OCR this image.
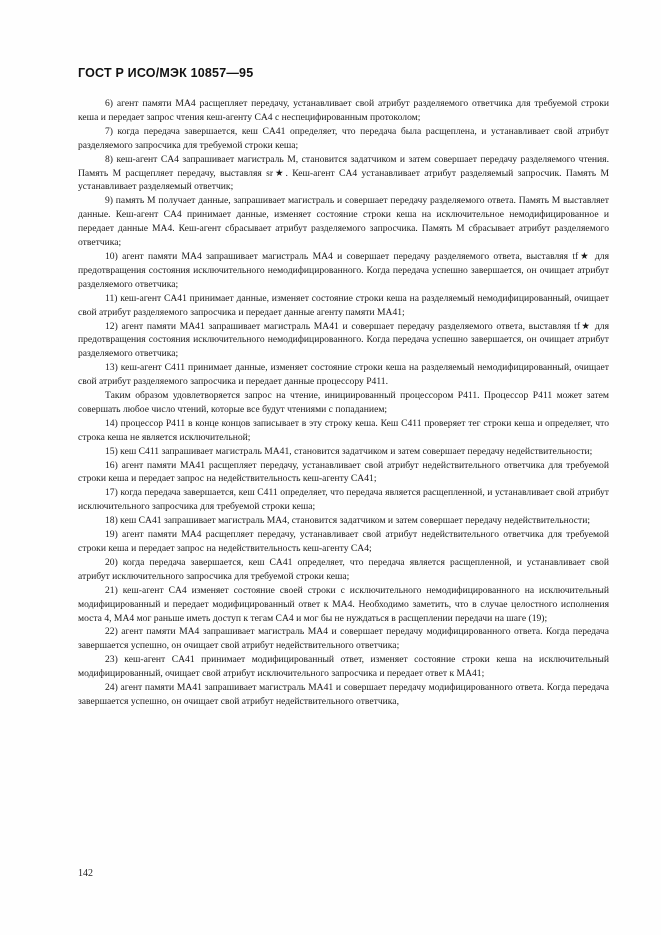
ГОСТ Р ИСО/МЭК 10857—95

6) агент памяти MA4 расщепляет передачу, устанавливает свой атрибут разделяемого ответчика для требуемой строки кеша и передает запрос чтения кеш-агенту CA4 с неспецифированным протоколом;

7) когда передача завершается, кеш CA41 определяет, что передача была расщеплена, и устанавливает свой атрибут разделяемого запросчика для требуемой строки кеша;

8) кеш-агент CA4 запрашивает магистраль M, становится задатчиком и затем совершает передачу разделяемого чтения. Память M расщепляет передачу, выставляя sr★. Кеш-агент CA4 устанавливает атрибут разделяемый запросчик. Память M устанавливает разделяемый ответчик;

9) память M получает данные, запрашивает магистраль и совершает передачу разделяемого ответа. Память M выставляет данные. Кеш-агент CA4 принимает данные, изменяет состояние строки кеша на исключительное немодифицированное и передает данные MA4. Кеш-агент сбрасывает атрибут разделяемого запросчика. Память M сбрасывает атрибут разделяемого ответчика;

10) агент памяти MA4 запрашивает магистраль MA4 и совершает передачу разделяемого ответа, выставляя tf★ для предотвращения состояния исключительного немодифицированного. Когда передача успешно завершается, он очищает атрибут разделяемого ответчика;

11) кеш-агент CA41 принимает данные, изменяет состояние строки кеша на разделяемый немодифицированный, очищает свой атрибут разделяемого запросчика и передает данные агенту памяти MA41;

12) агент памяти MA41 запрашивает магистраль MA41 и совершает передачу разделяемого ответа, выставляя tf★ для предотвращения состояния исключительного немодифицированного. Когда передача успешно завершается, он очищает атрибут разделяемого ответчика;

13) кеш-агент C411 принимает данные, изменяет состояние строки кеша на разделяемый немодифицированный, очищает свой атрибут разделяемого запросчика и передает данные процессору P411.

Таким образом удовлетворяется запрос на чтение, инициированный процессором P411. Процессор P411 может затем совершать любое число чтений, которые все будут чтениями с попаданием;

14) процессор P411 в конце концов записывает в эту строку кеша. Кеш C411 проверяет тег строки кеша и определяет, что строка кеша не является исключительной;

15) кеш C411 запрашивает магистраль MA41, становится задатчиком и затем совершает передачу недействительности;

16) агент памяти MA41 расщепляет передачу, устанавливает свой атрибут недействительного ответчика для требуемой строки кеша и передает запрос на недействительность кеш-агенту CA41;

17) когда передача завершается, кеш C411 определяет, что передача является расщепленной, и устанавливает свой атрибут исключительного запросчика для требуемой строки кеша;

18) кеш CA41 запрашивает магистраль MA4, становится задатчиком и затем совершает передачу недействительности;

19) агент памяти MA4 расщепляет передачу, устанавливает свой атрибут недействительного ответчика для требуемой строки кеша и передает запрос на недействительность кеш-агенту CA4;

20) когда передача завершается, кеш CA41 определяет, что передача является расщепленной, и устанавливает свой атрибут исключительного запросчика для требуемой строки кеша;

21) кеш-агент CA4 изменяет состояние своей строки с исключительного немодифицированного на исключительный модифицированный и передает модифицированный ответ к MA4. Необходимо заметить, что в случае целостного исполнения моста 4, MA4 мог раньше иметь доступ к тегам CA4 и мог бы не нуждаться в расщеплении передачи на шаге (19);

22) агент памяти MA4 запрашивает магистраль MA4 и совершает передачу модифицированного ответа. Когда передача завершается успешно, он очищает свой атрибут недействительного ответчика;

23) кеш-агент CA41 принимает модифицированный ответ, изменяет состояние строки кеша на исключительный модифицированный, очищает свой атрибут исключительного запросчика и передает ответ к MA41;

24) агент памяти MA41 запрашивает магистраль MA41 и совершает передачу модифицированного ответа. Когда передача завершается успешно, он очищает свой атрибут недействительного ответчика,

142
